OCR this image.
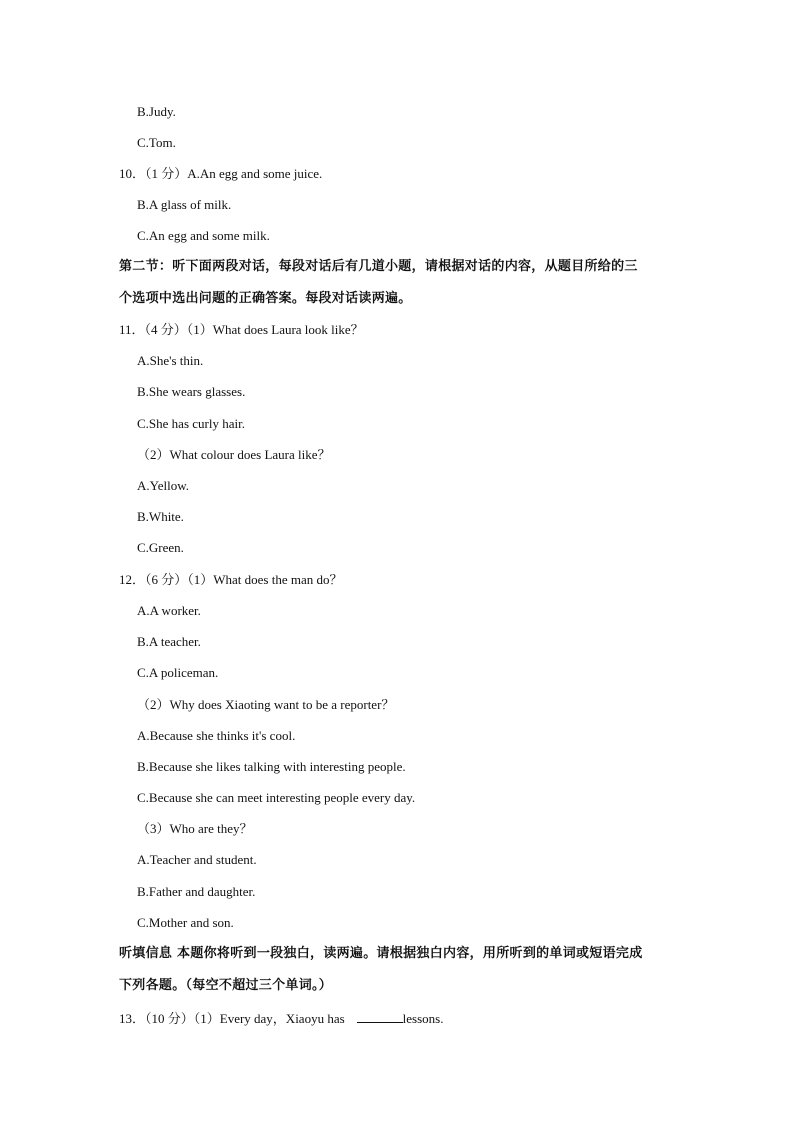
B.Judy.
C.Tom.
10．（1 分）A.An egg and some juice.
B.A glass of milk.
C.An egg and some milk.
第二节：听下面两段对话，每段对话后有几道小题，请根据对话的内容，从题目所给的三
个选项中选出问题的正确答案。每段对话读两遍。
11．（4 分）（1）What does Laura look like？
A.She's thin.
B.She wears glasses.
C.She has curly hair.
（2）What colour does Laura like？
A.Yellow.
B.White.
C.Green.
12．（6 分）（1）What does the man do？
A.A worker.
B.A teacher.
C.A policeman.
（2）Why does Xiaoting want to be a reporter？
A.Because she thinks it's cool.
B.Because she likes talking with interesting people.
C.Because she can meet interesting people every day.
（3）Who are they？
A.Teacher and student.
B.Father and daughter.
C.Mother and son.
听填信息 本题你将听到一段独白，读两遍。请根据独白内容，用所听到的单词或短语完成
下列各题。（每空不超过三个单词。）
13．（10 分）（1）Every day，Xiaoyu has	lessons.
